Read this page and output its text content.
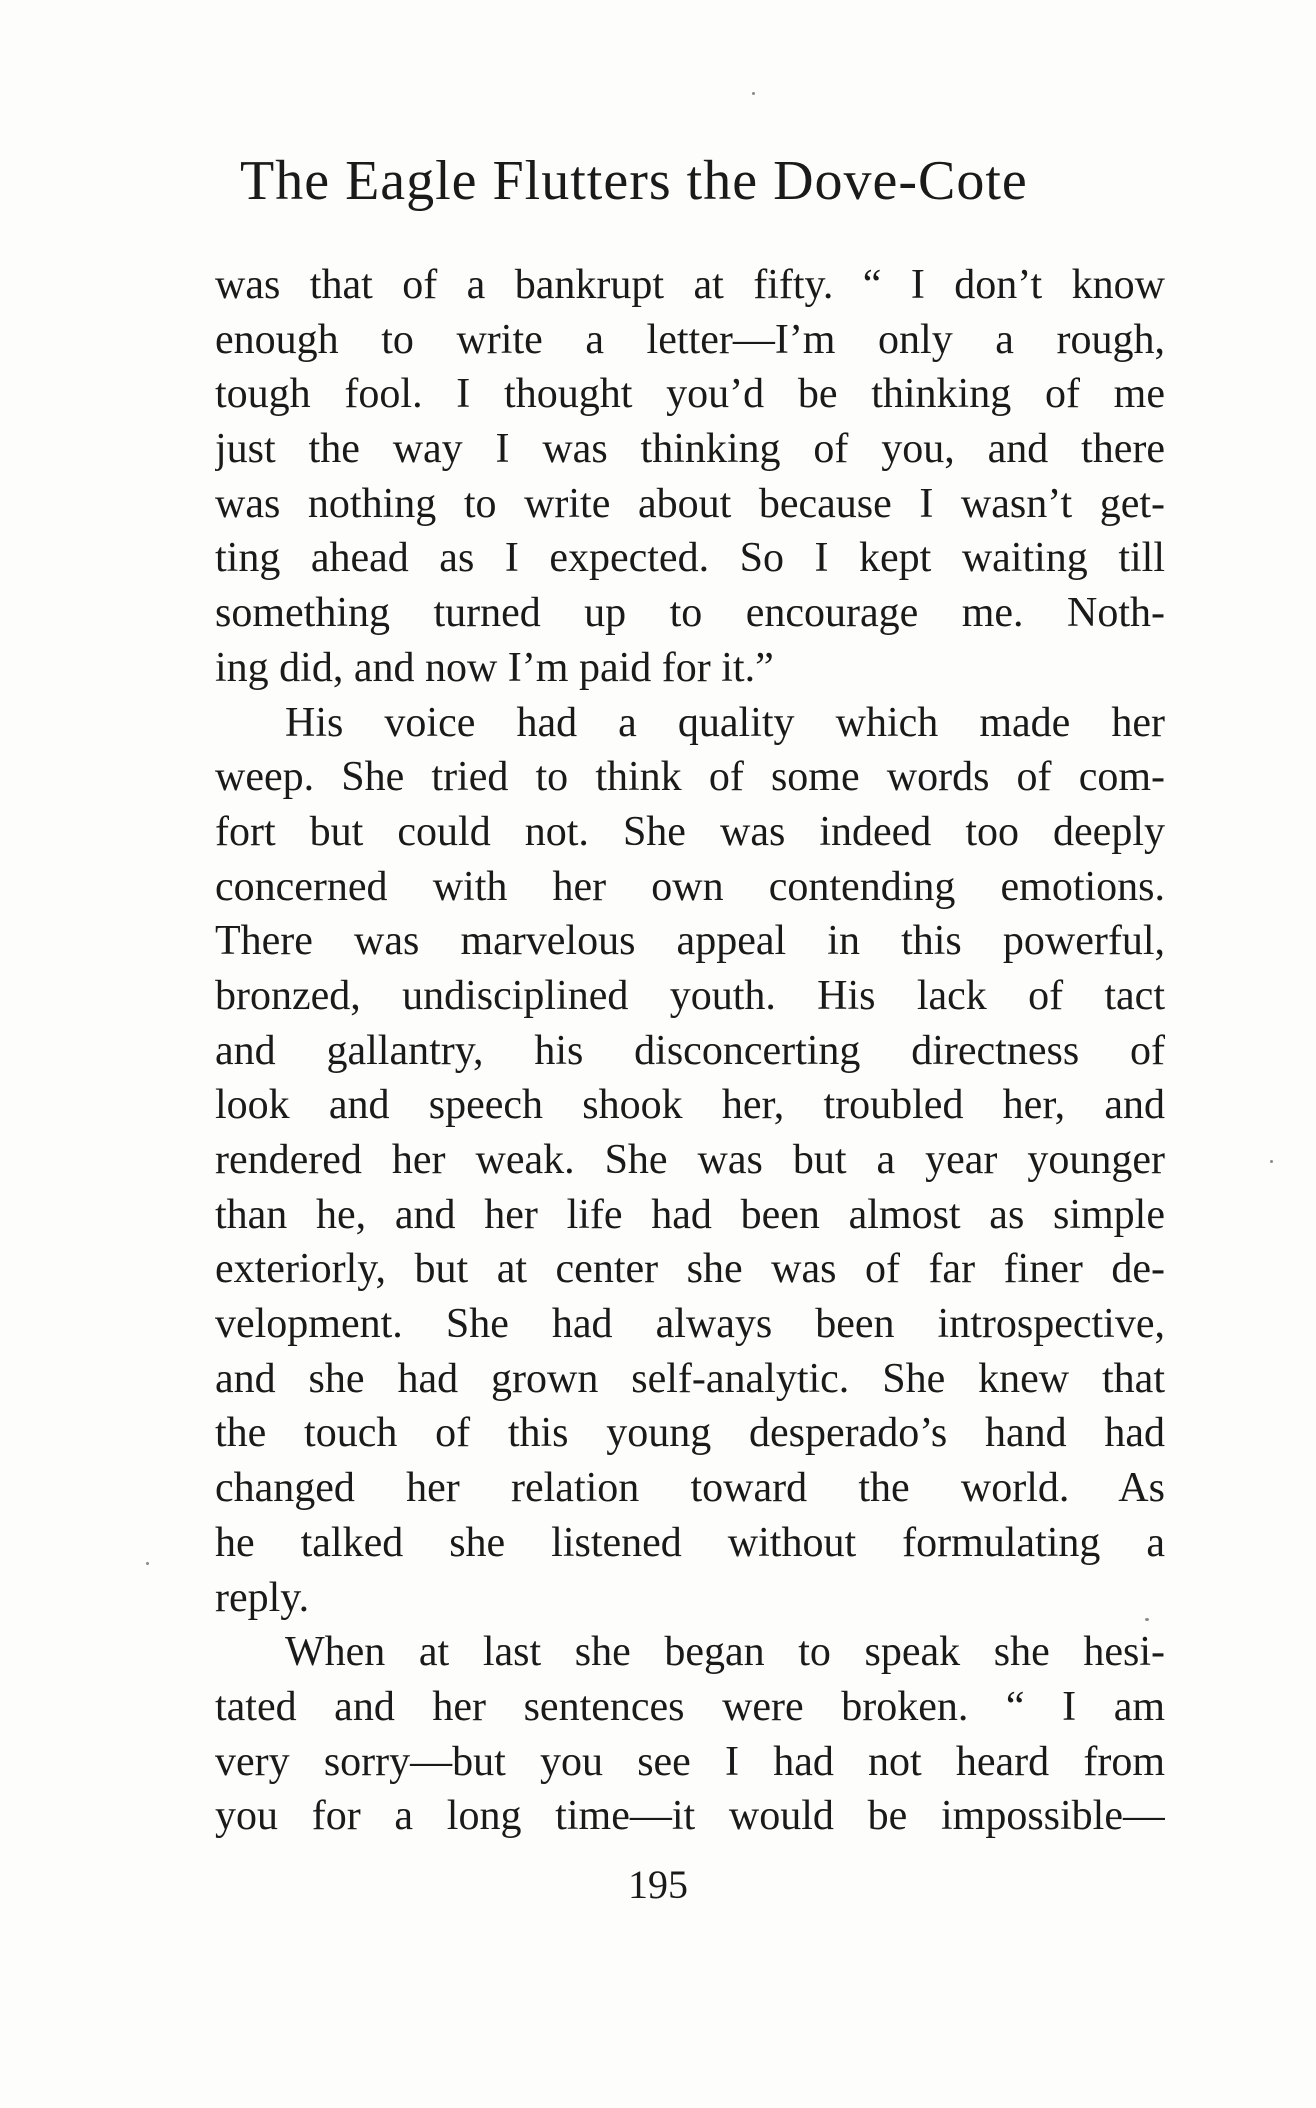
The Eagle Flutters the Dove-Cote
was that of a bankrupt at fifty. “ I don’t know
enough to write a letter—I’m only a rough,
tough fool. I thought you’d be thinking of me
just the way I was thinking of you, and there
was nothing to write about because I wasn’t get-
ting ahead as I expected. So I kept waiting till
something turned up to encourage me. Noth-
ing did, and now I’m paid for it.”
His voice had a quality which made her
weep. She tried to think of some words of com-
fort but could not. She was indeed too deeply
concerned with her own contending emotions.
There was marvelous appeal in this powerful,
bronzed, undisciplined youth. His lack of tact
and gallantry, his disconcerting directness of
look and speech shook her, troubled her, and
rendered her weak. She was but a year younger
than he, and her life had been almost as simple
exteriorly, but at center she was of far finer de-
velopment. She had always been introspective,
and she had grown self-analytic. She knew that
the touch of this young desperado’s hand had
changed her relation toward the world. As
he talked she listened without formulating a
reply.
When at last she began to speak she hesi-
tated and her sentences were broken. “ I am
very sorry—but you see I had not heard from
you for a long time—it would be impossible—

195
